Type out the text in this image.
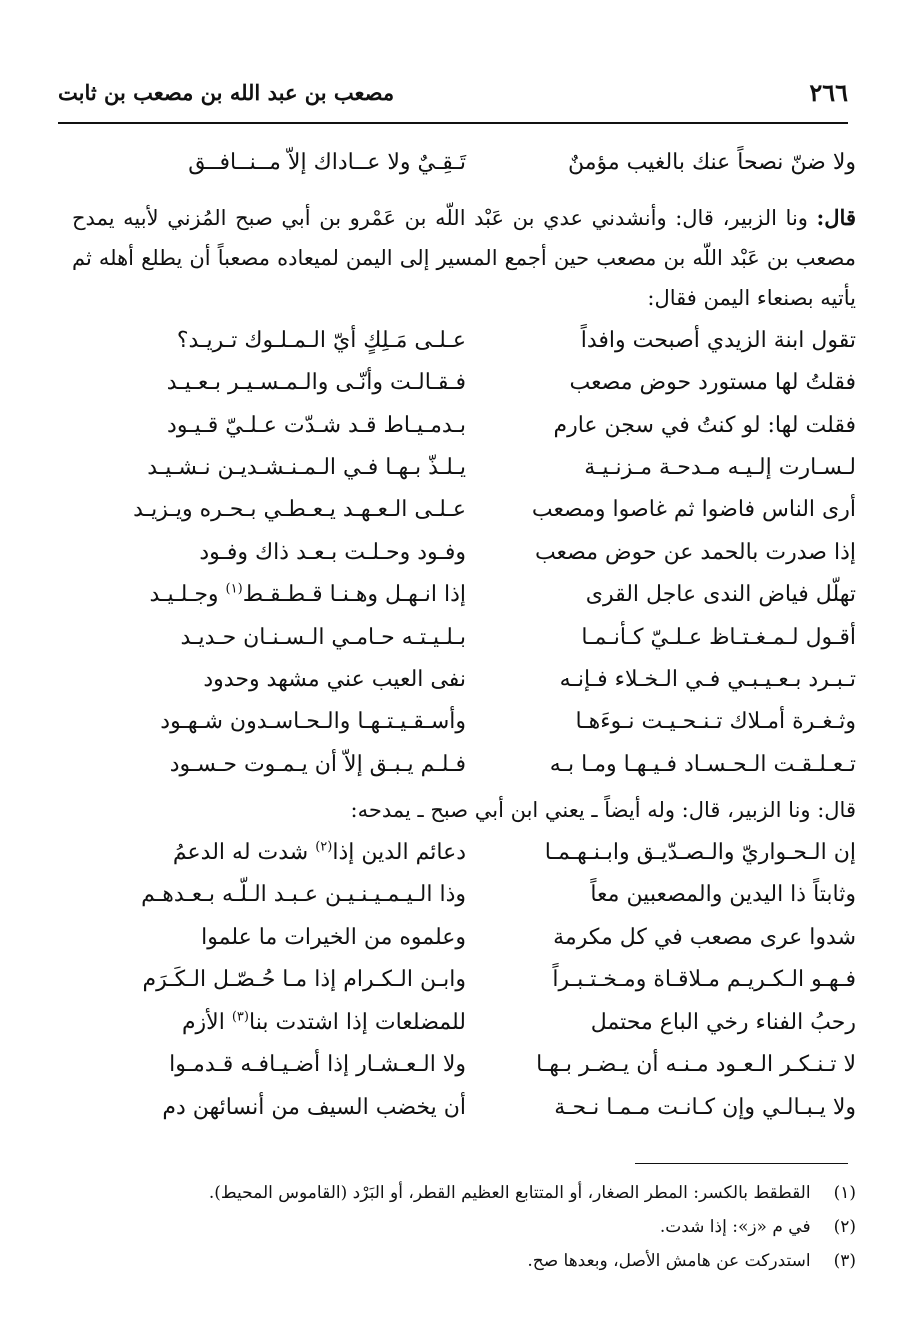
٢٦٦
مصعب بن عبد الله بن مصعب بن ثابت
ولا ضنّ نصحاً عنك بالغيب مؤمنٌ
تَـقِـيٌ ولا عــاداك إلاّ مــنــافــق
قال: ونا الزبير، قال: وأنشدني عدي بن عَبْد اللّه بن عَمْرو بن أبي صبح المُزني لأبيه يمدح مصعب بن عَبْد اللّه بن مصعب حين أجمع المسير إلى اليمن لميعاده مصعباً أن يطلع أهله ثم يأتيه بصنعاء اليمن فقال:
تقول ابنة الزيدي أصبحت وافداً
عـلـى مَـلِكٍ أيّ الـمـلـوك تـريـد؟
فقلتُ لها مستورد حوض مصعب
فـقـالـت وأنّـى والـمـسـيـر بـعـيـد
فقلت لها: لو كنتُ في سجن عارم
بـدمـيـاط قـد شـدّت عـلـيّ قـيـود
لـسـارت إلـيـه مـدحـة مـزنـيـة
يـلـذّ بـهـا فـي الـمـنـشـديـن نـشـيـد
أرى الناس فاضوا ثم غاصوا ومصعب
عـلـى الـعـهـد يـعـطـي بـحـره ويـزيـد
إذا صدرت بالحمد عن حوض مصعب
وفـود وحـلـت بـعـد ذاك وفـود
تهلّل فياض الندى عاجل القرى
إذا انـهـل وهـنـا قـطـقـط$^{(١)}$ وجـلـيـد
أقـول لـمـغـتـاظ عـلـيّ كـأنـمـا
بـلـيـتـه حـامـي الـسـنـان حـديـد
تـبـرد بـعـيـبـي فـي الـخـلاء فـإنـه
نفى العيب عني مشهد وحدود
وثـغـرة أمـلاك تـنـحـيـت نـوءَهـا
وأسـقـيـتـهـا والـحـاسـدون شـهـود
تـعـلـقـت الـحـسـاد فـيـهـا ومـا بـه
فـلـم يـبـق إلاّ أن يـمـوت حـسـود
قال: ونا الزبير، قال: وله أيضاً ـ يعني ابن أبي صبح ـ يمدحه:
إن الـحـواريّ والـصـدّيـق وابـنـهـمـا
دعائم الدين إذا$^{(٢)}$ شدت له الدعمُ
وثابتاً ذا اليدين والمصعبين معاً
وذا الـيـمـيـنـيـن عـبـد الـلّـه بـعـدهـم
شدوا عرى مصعب في كل مكرمة
وعلموه من الخيرات ما علموا
فـهـو الـكـريـم مـلاقـاة ومـخـتـبـراً
وابـن الـكـرام إذا مـا حُـصّـل الـكَـرَم
رحبُ الفناء رخي الباع محتمل
للمضلعات إذا اشتدت بنا$^{(٣)}$ الأزم
لا تـنـكـر الـعـود مـنـه أن يـضـر بـهـا
ولا الـعـشـار إذا أضـيـافـه قـدمـوا
ولا يـبـالـي وإن كـانـت مـمـا نـحـة
أن يخضب السيف من أنسائهن دم
(١) القطقط بالكسر: المطر الصغار، أو المتتابع العظيم القطر، أو البَرْد (القاموس المحيط).
(٢) في م «ز»: إذا شدت.
(٣) استدركت عن هامش الأصل، وبعدها صح.
